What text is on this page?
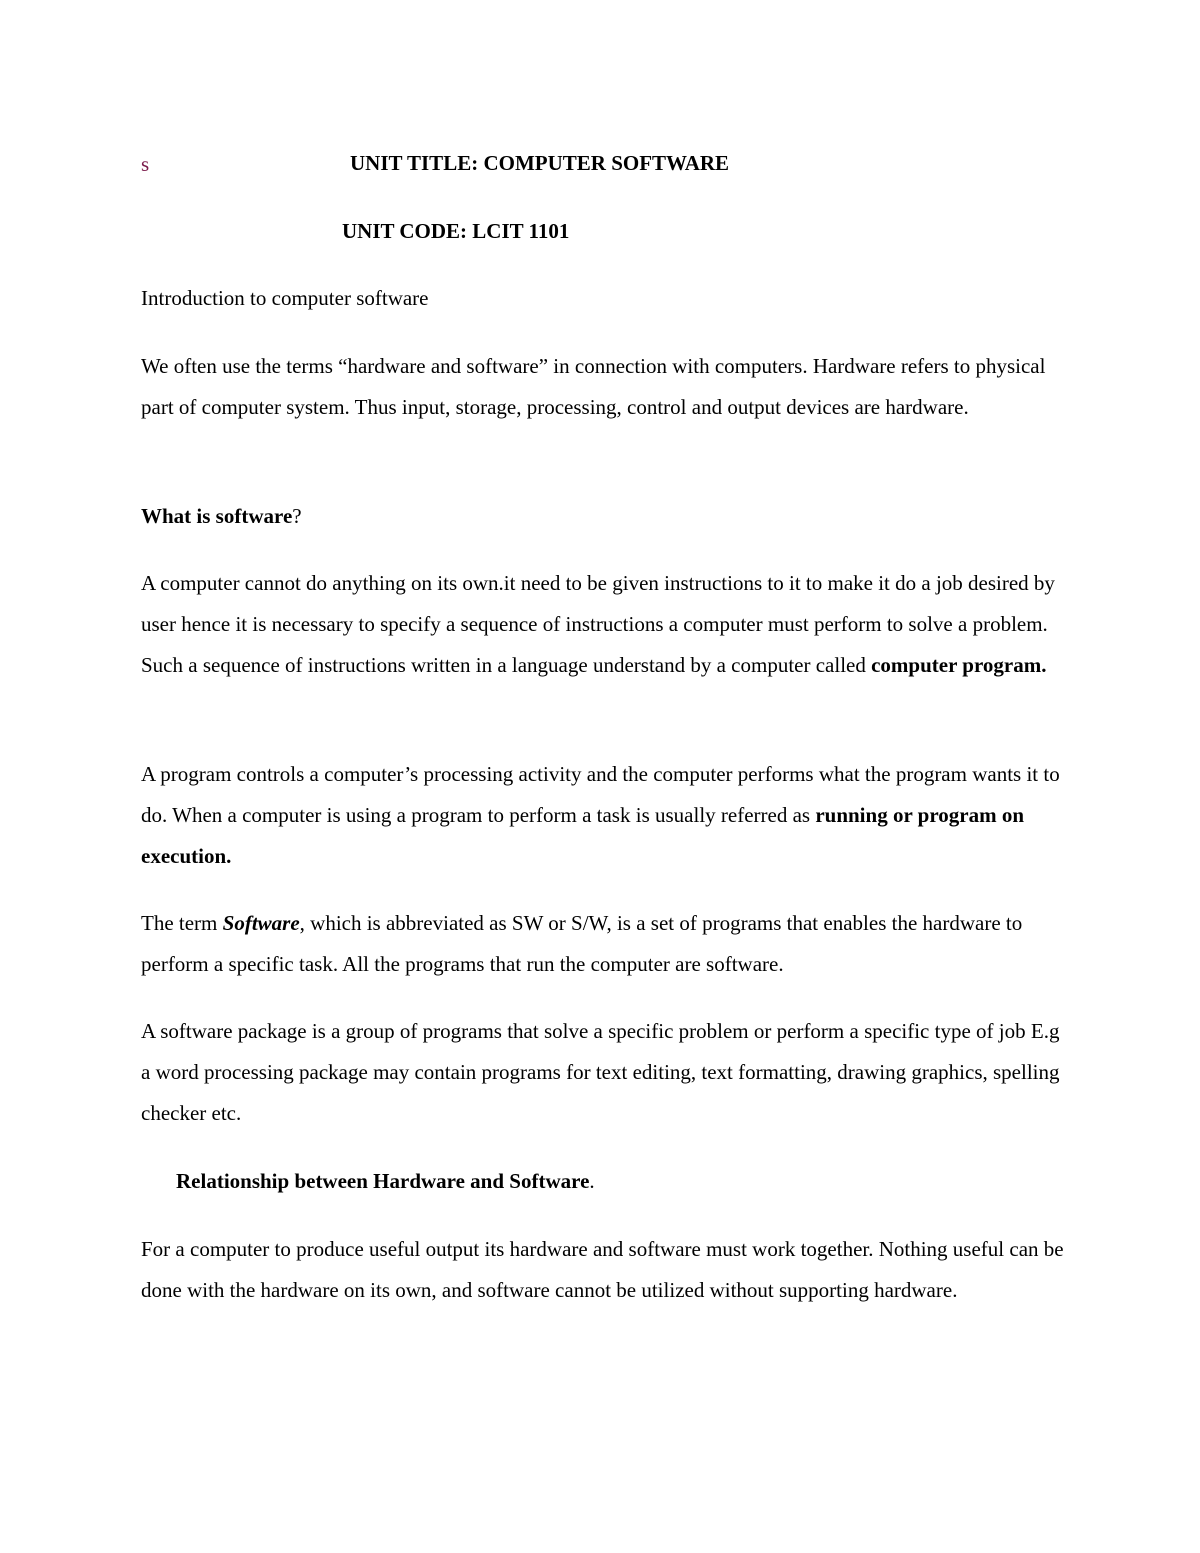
s	UNIT TITLE: COMPUTER SOFTWARE
UNIT CODE: LCIT 1101

Introduction to computer software

We often use the terms “hardware and software” in connection with computers. Hardware refers to physical part of computer system. Thus input, storage, processing, control and output devices are hardware.

What is software?

A computer cannot do anything on its own.it need to be given instructions to it to make it do a job desired by user hence it is necessary to specify a sequence of instructions a computer must perform to solve a problem. Such a sequence of instructions written in a language understand by a computer called computer program.

A program controls a computer’s processing activity and the computer performs what the program wants it to do. When a computer is using a program to perform a task is usually referred as running or program on execution.

The term Software, which is abbreviated as SW or S/W, is a set of programs that enables the hardware to perform a specific task. All the programs that run the computer are software.

A software package is a group of programs that solve a specific problem or perform a specific type of job E.g a word processing package may contain programs for text editing, text formatting, drawing graphics, spelling checker etc.

Relationship between Hardware and Software.

For a computer to produce useful output its hardware and software must work together. Nothing useful can be done with the hardware on its own, and software cannot be utilized without supporting hardware.
